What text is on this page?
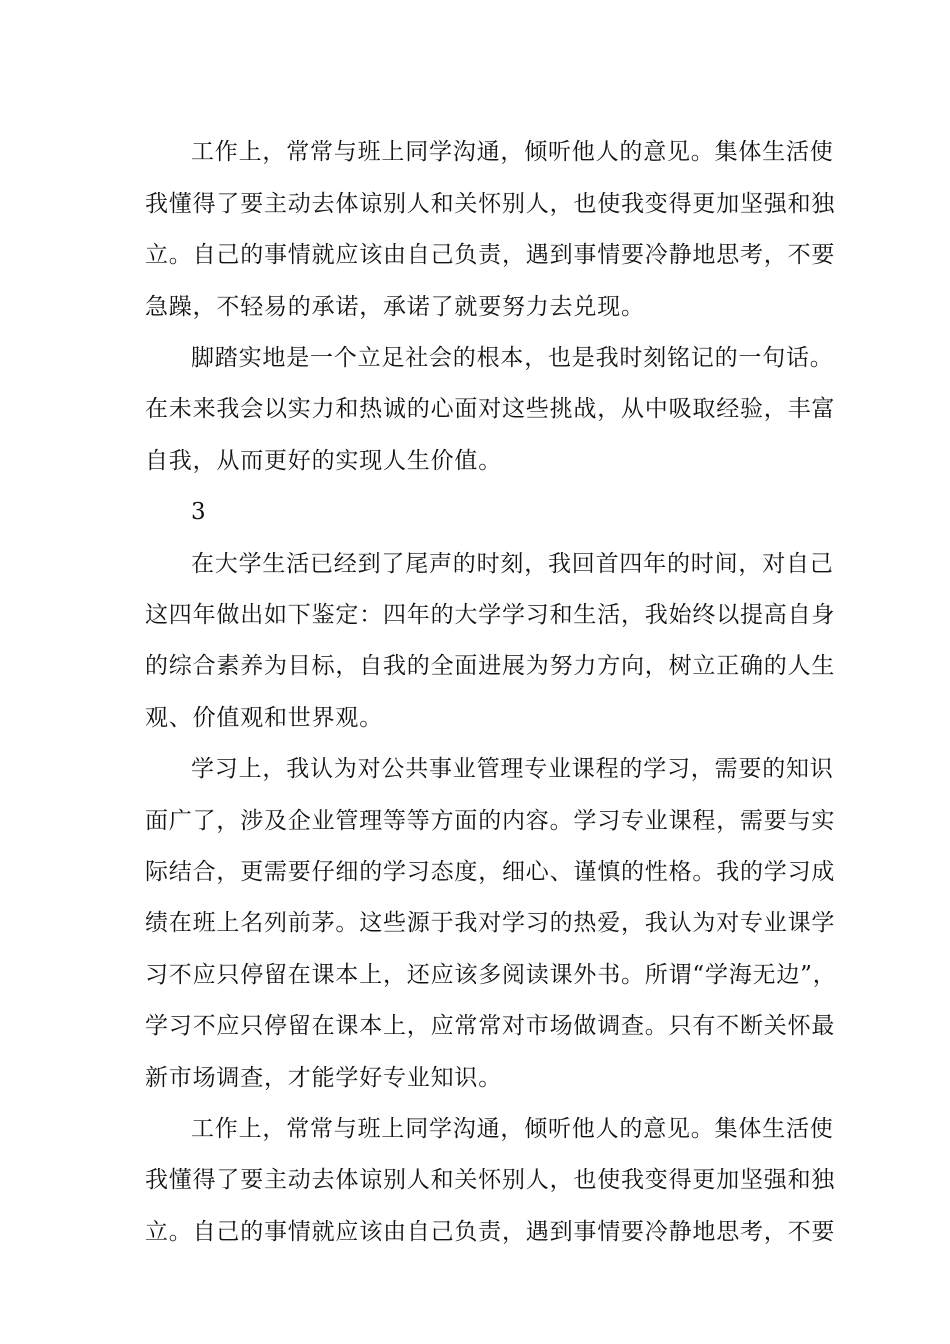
工作上，常常与班上同学沟通，倾听他人的意见。集体生活使
我懂得了要主动去体谅别人和关怀别人，也使我变得更加坚强和独
立。自己的事情就应该由自己负责，遇到事情要冷静地思考，不要
急躁，不轻易的承诺，承诺了就要努力去兑现。
脚踏实地是一个立足社会的根本，也是我时刻铭记的一句话。
在未来我会以实力和热诚的心面对这些挑战，从中吸取经验，丰富
自我，从而更好的实现人生价值。
3
在大学生活已经到了尾声的时刻，我回首四年的时间，对自己
这四年做出如下鉴定：四年的大学学习和生活，我始终以提高自身
的综合素养为目标，自我的全面进展为努力方向，树立正确的人生
观、价值观和世界观。
学习上，我认为对公共事业管理专业课程的学习，需要的知识
面广了，涉及企业管理等等方面的内容。学习专业课程，需要与实
际结合，更需要仔细的学习态度，细心、谨慎的性格。我的学习成
绩在班上名列前茅。这些源于我对学习的热爱，我认为对专业课学
习不应只停留在课本上，还应该多阅读课外书。所谓“学海无边”，
学习不应只停留在课本上，应常常对市场做调查。只有不断关怀最
新市场调查，才能学好专业知识。
工作上，常常与班上同学沟通，倾听他人的意见。集体生活使
我懂得了要主动去体谅别人和关怀别人，也使我变得更加坚强和独
立。自己的事情就应该由自己负责，遇到事情要冷静地思考，不要
